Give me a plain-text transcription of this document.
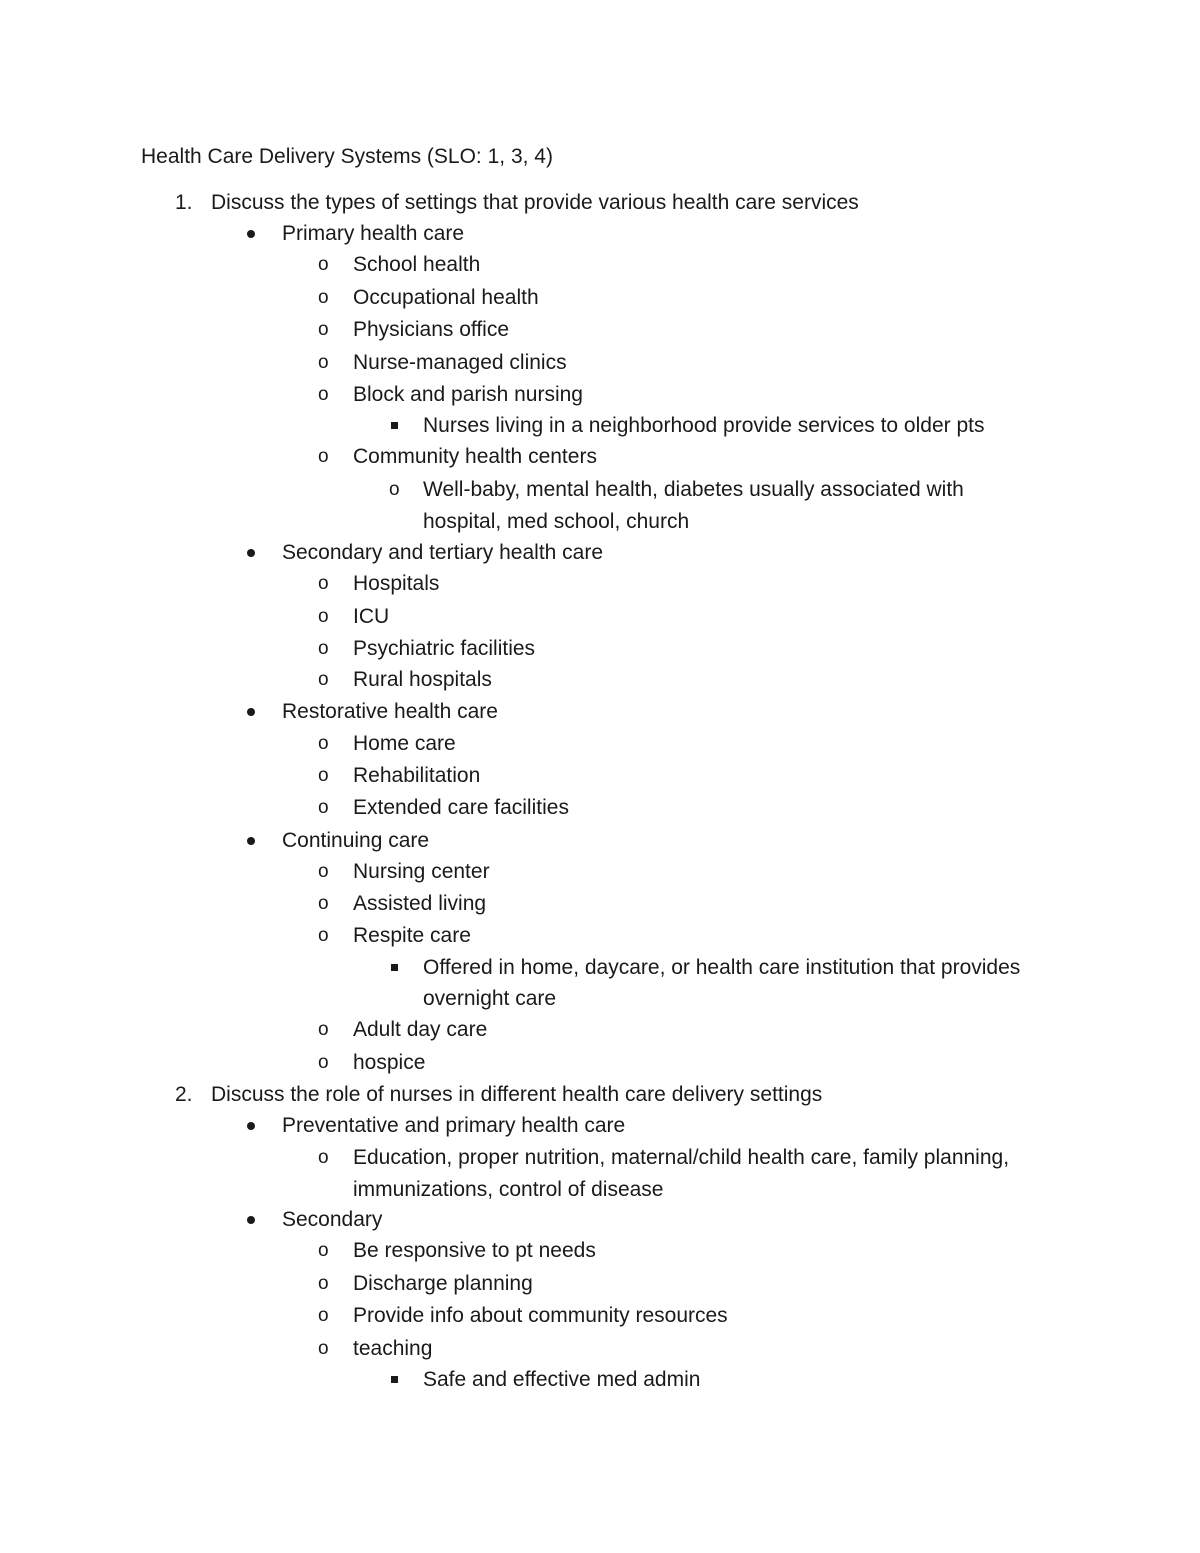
Health Care Delivery Systems (SLO: 1, 3, 4)
1. Discuss the types of settings that provide various health care services
Primary health care
o School health
o Occupational health
o Physicians office
o Nurse-managed clinics
o Block and parish nursing
Nurses living in a neighborhood provide services to older pts
o Community health centers
o Well-baby, mental health, diabetes usually associated with
hospital, med school, church
Secondary and tertiary health care
o Hospitals
o ICU
o Psychiatric facilities
o Rural hospitals
Restorative health care
o Home care
o Rehabilitation
o Extended care facilities
Continuing care
o Nursing center
o Assisted living
o Respite care
Offered in home, daycare, or health care institution that provides
overnight care
o Adult day care
o hospice
2. Discuss the role of nurses in different health care delivery settings
Preventative and primary health care
o Education, proper nutrition, maternal/child health care, family planning,
immunizations, control of disease
Secondary
o Be responsive to pt needs
o Discharge planning
o Provide info about community resources
o teaching
Safe and effective med admin
